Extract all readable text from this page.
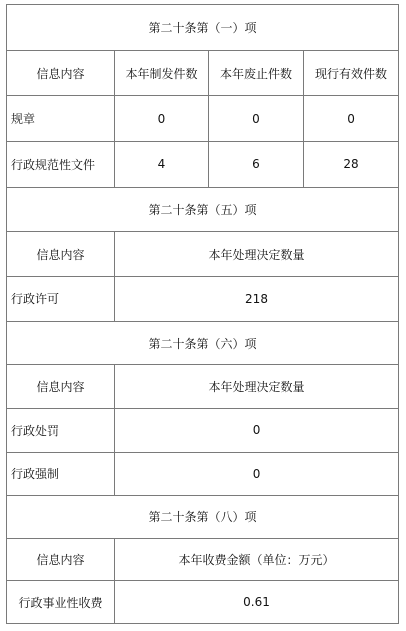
第二十条第（一）项			
信息内容	本年制发件数	本年废止件数	现行有效件数
规章	0	0	0
行政规范性文件	4	6	28
第二十条第（五）项			
信息内容	本年处理决定数量		
行政许可	218		
第二十条第（六）项			
信息内容	本年处理决定数量		
行政处罚	0		
行政强制	0		
第二十条第（八）项			
信息内容	本年收费金额（单位：万元）		
行政事业性收费	0.61		
